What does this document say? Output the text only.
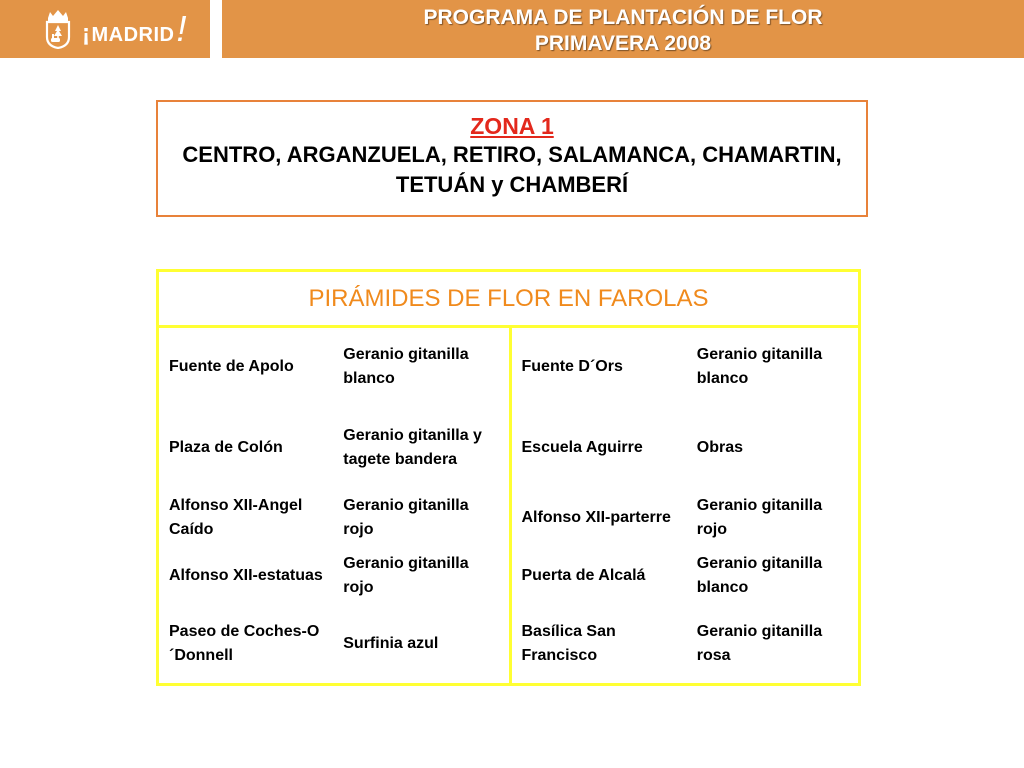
¡ MADRID !	PROGRAMA DE PLANTACIÓN DE FLOR
PRIMAVERA 2008
ZONA 1
CENTRO, ARGANZUELA, RETIRO, SALAMANCA, CHAMARTIN, TETUÁN y CHAMBERÍ
PIRÁMIDES DE FLOR EN FAROLAS			
Fuente de Apolo	Geranio gitanilla blanco	Fuente D´Ors	Geranio gitanilla blanco
Plaza de Colón	Geranio gitanilla y tagete bandera	Escuela Aguirre	Obras
Alfonso XII-Angel Caído	Geranio gitanilla rojo	Alfonso XII-parterre	Geranio gitanilla rojo
Alfonso XII-estatuas	Geranio gitanilla rojo	Puerta de Alcalá	Geranio gitanilla blanco
Paseo de Coches-O´Donnell	Surfinia azul	Basílica San Francisco	Geranio gitanilla rosa
